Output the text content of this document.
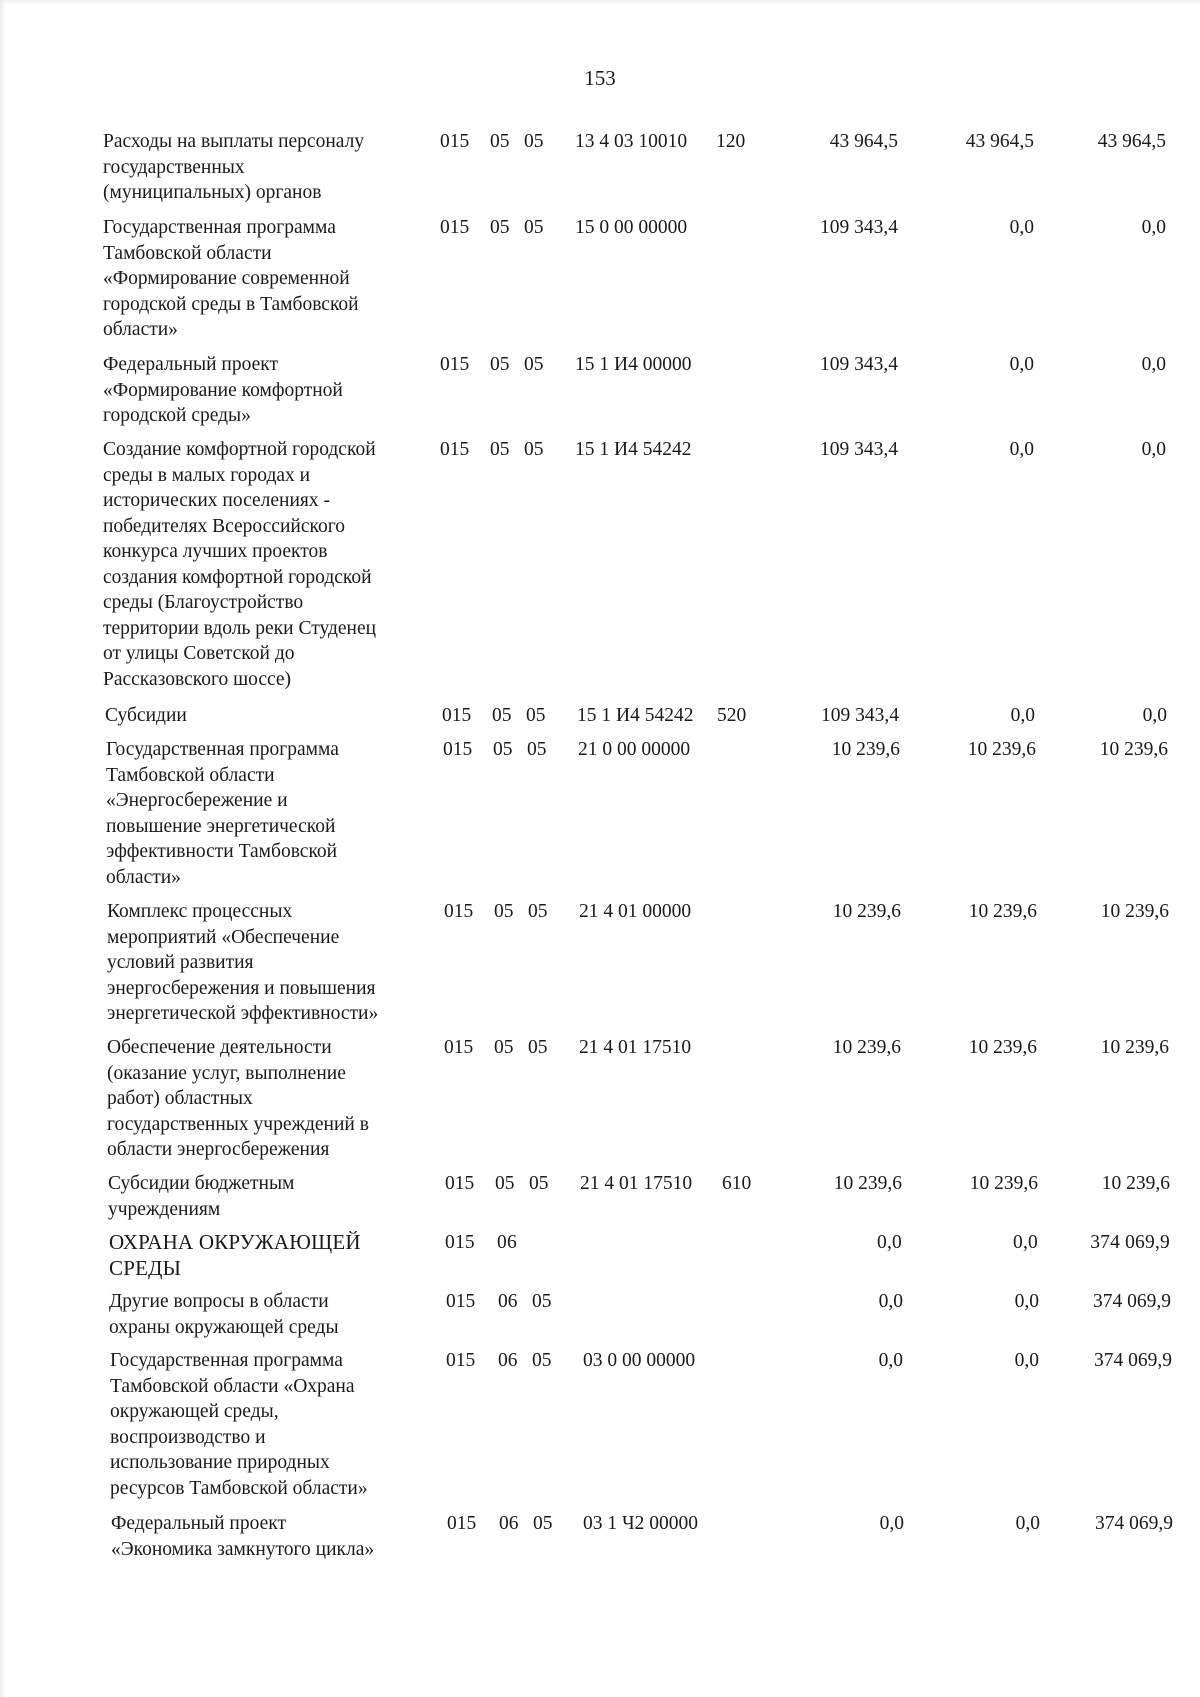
153
Расходы на выплаты персоналу
государственных
(муниципальных) органов
015 05 05 13 4 03 10010 120	43 964,5	43 964,5	43 964,5
Государственная программа
Тамбовской области
«Формирование современной
городской среды в Тамбовской
области»
015 05 05 15 0 00 00000	109 343,4	0,0	0,0
Федеральный проект
«Формирование комфортной
городской среды»
015 05 05 15 1 И4 00000	109 343,4	0,0	0,0
Создание комфортной городской
среды в малых городах и
исторических поселениях -
победителях Всероссийского
конкурса лучших проектов
создания комфортной городской
среды (Благоустройство
территории вдоль реки Студенец
от улицы Советской до
Рассказовского шоссе)
015 05 05 15 1 И4 54242	109 343,4	0,0	0,0
Субсидии	015 05 05 15 1 И4 54242 520	109 343,4	0,0	0,0
Государственная программа
Тамбовской области
«Энергосбережение и
повышение энергетической
эффективности Тамбовской
области»
015 05 05 21 0 00 00000	10 239,6	10 239,6	10 239,6
Комплекс процессных
мероприятий «Обеспечение
условий развития
энергосбережения и повышения
энергетической эффективности»
015 05 05 21 4 01 00000	10 239,6	10 239,6	10 239,6
Обеспечение деятельности
(оказание услуг, выполнение
работ) областных
государственных учреждений в
области энергосбережения
015 05 05 21 4 01 17510	10 239,6	10 239,6	10 239,6
Субсидии бюджетным
учреждениям
015 05 05 21 4 01 17510 610	10 239,6	10 239,6	10 239,6
ОХРАНА ОКРУЖАЮЩЕЙ
СРЕДЫ
015 06	0,0	0,0	374 069,9
Другие вопросы в области
охраны окружающей среды
015 06 05	0,0	0,0	374 069,9
Государственная программа
Тамбовской области «Охрана
окружающей среды,
воспроизводство и
использование природных
ресурсов Тамбовской области»
015 06 05 03 0 00 00000	0,0	0,0	374 069,9
Федеральный проект
«Экономика замкнутого цикла»
015 06 05 03 1 Ч2 00000	0,0	0,0	374 069,9
